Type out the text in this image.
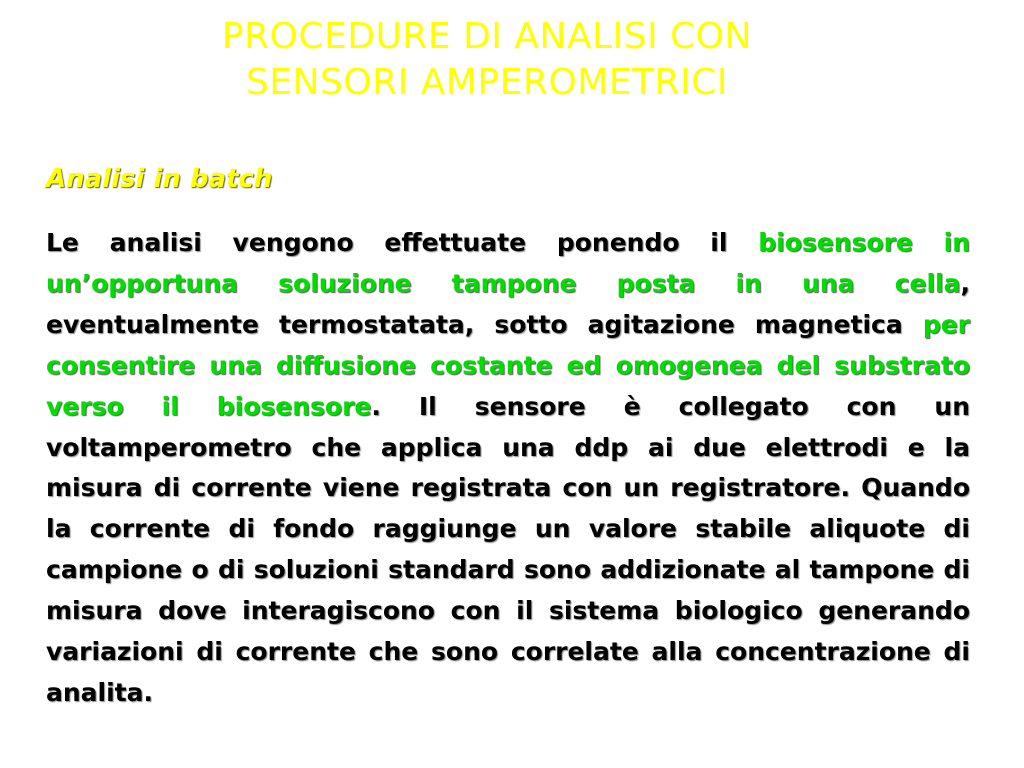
PROCEDURE DI ANALISI CON
SENSORI AMPEROMETRICI
Analisi in batch
Le analisi vengono effettuate ponendo il biosensore in un’opportuna soluzione tampone posta in una cella, eventualmente termostatata, sotto agitazione magnetica per consentire una diffusione costante ed omogenea del substrato verso il biosensore. Il sensore è collegato con un voltamperometro che applica una ddp ai due elettrodi e la misura di corrente viene registrata con un registratore. Quando la corrente di fondo raggiunge un valore stabile aliquote di campione o di soluzioni standard sono addizionate al tampone di misura dove interagiscono con il sistema biologico generando variazioni di corrente che sono correlate alla concentrazione di analita.
